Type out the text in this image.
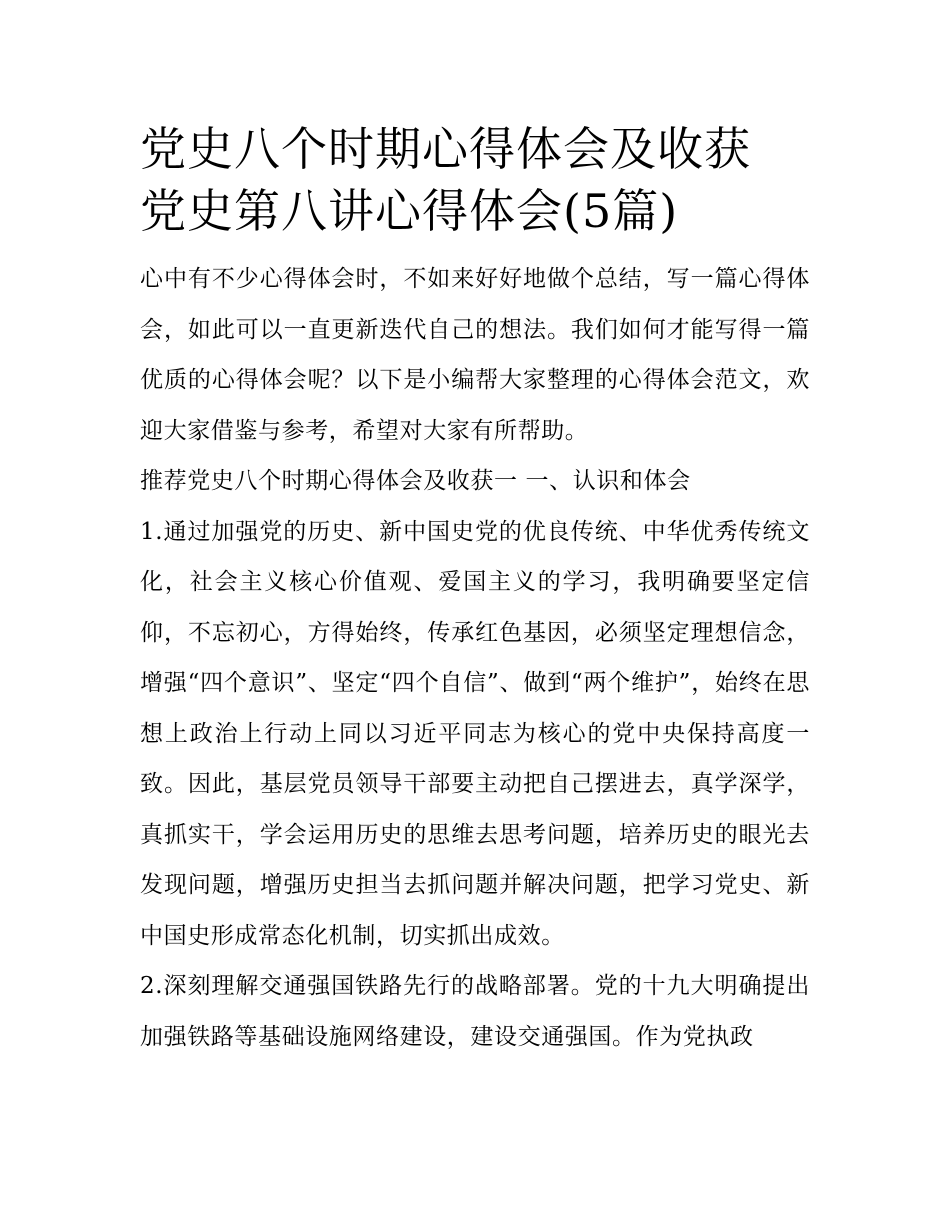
党史八个时期心得体会及收获
党史第八讲心得体会(5篇)

心中有不少心得体会时，不如来好好地做个总结，写一篇心得体会，如此可以一直更新迭代自己的想法。我们如何才能写得一篇优质的心得体会呢？以下是小编帮大家整理的心得体会范文，欢迎大家借鉴与参考，希望对大家有所帮助。

推荐党史八个时期心得体会及收获一 一、认识和体会

1.通过加强党的历史、新中国史党的优良传统、中华优秀传统文化，社会主义核心价值观、爱国主义的学习，我明确要坚定信仰，不忘初心，方得始终，传承红色基因，必须坚定理想信念，增强“四个意识”、坚定“四个自信”、做到“两个维护”，始终在思想上政治上行动上同以习近平同志为核心的党中央保持高度一致。因此，基层党员领导干部要主动把自己摆进去，真学深学，真抓实干，学会运用历史的思维去思考问题，培养历史的眼光去发现问题，增强历史担当去抓问题并解决问题，把学习党史、新中国史形成常态化机制，切实抓出成效。

2.深刻理解交通强国铁路先行的战略部署。党的十九大明确提出加强铁路等基础设施网络建设，建设交通强国。作为党执政
